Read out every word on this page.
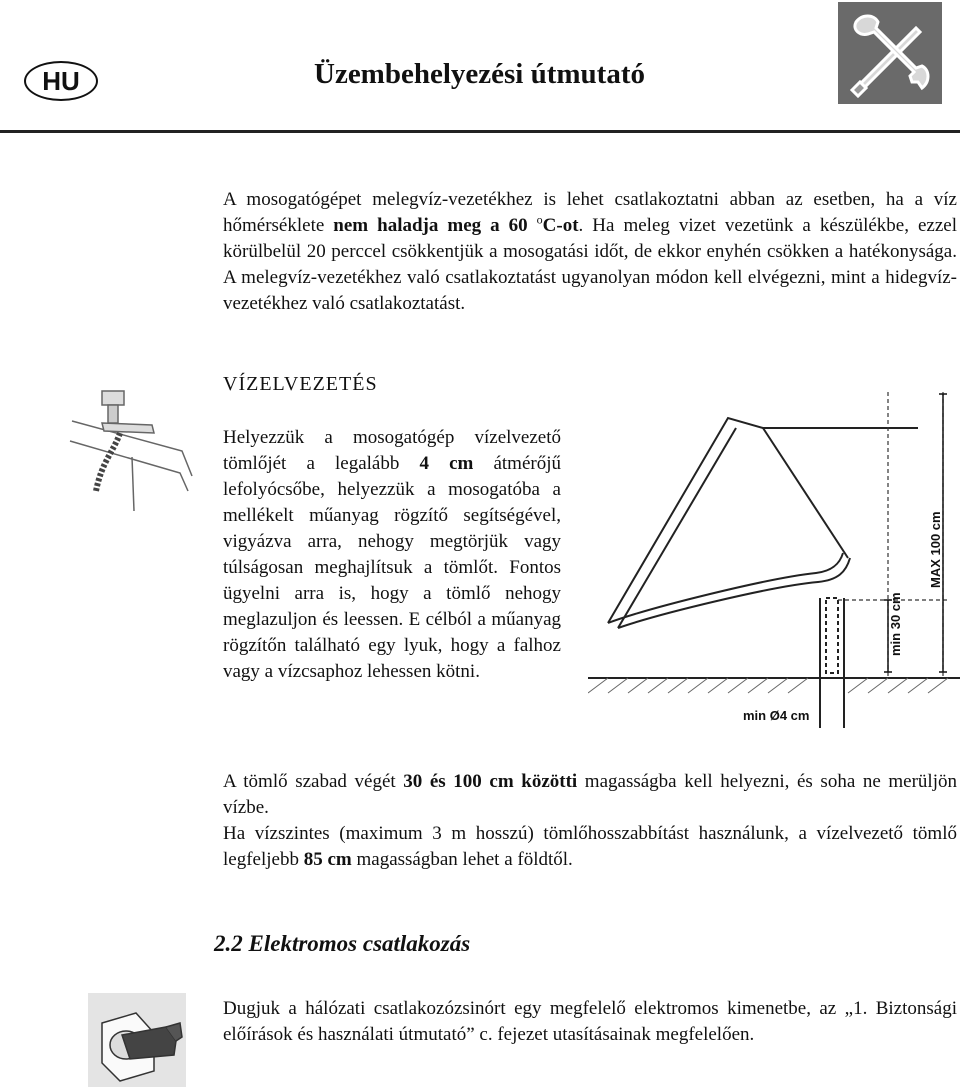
HU	Üzembehelyezési útmutató

A mosogatógépet melegvíz-vezetékhez is lehet csatlakoztatni abban az esetben, ha a víz hőmérséklete nem haladja meg a 60 $^o$C-ot. Ha meleg vizet vezetünk a készülékbe, ezzel körülbelül 20 perccel csökkentjük a mosogatási időt, de ekkor enyhén csökken a hatékonysága. A melegvíz-vezetékhez való csatlakoztatást ugyanolyan módon kell elvégezni, mint a hidegvíz-vezetékhez való csatlakoztatást.

VÍZELVEZETÉS

Helyezzük a mosogatógép vízelvezető tömlőjét a legalább 4 cm átmérőjű lefolyócsőbe, helyezzük a mosogatóba a mellékelt műanyag rögzítő segítségével, vigyázva arra, nehogy megtörjük vagy túlságosan meghajlítsuk a tömlőt. Fontos ügyelni arra is, hogy a tömlő nehogy meglazuljon és leessen. E célból a műanyag rögzítőn található egy lyuk, hogy a falhoz vagy a vízcsaphoz lehessen kötni.

min 30 cm
MAX 100 cm
min Ø4 cm

A tömlő szabad végét 30 és 100 cm közötti magasságba kell helyezni, és soha ne merüljön vízbe.

Ha vízszintes (maximum 3 m hosszú) tömlőhosszabbítást használunk, a vízelvezető tömlő legfeljebb 85 cm magasságban lehet a földtől.

2.2 Elektromos csatlakozás

Dugjuk a hálózati csatlakozózsinórt egy megfelelő elektromos kimenetbe, az „1. Biztonsági előírások és használati útmutató” c. fejezet utasításainak megfelelően.
